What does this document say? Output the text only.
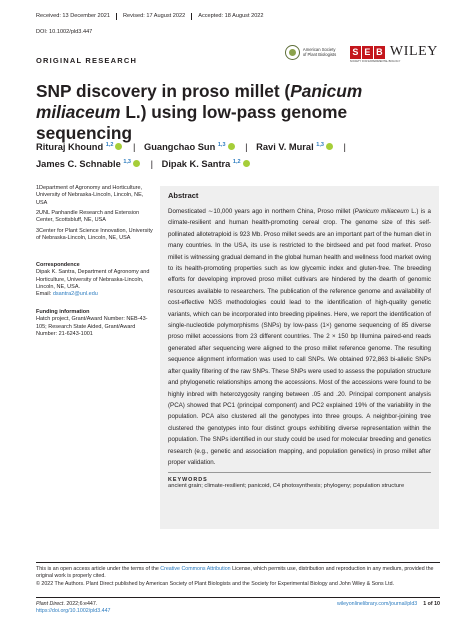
Received: 13 December 2021	Revised: 17 August 2022	Accepted: 18 August 2022
DOI: 10.1002/pld3.447
ORIGINAL RESEARCH
American Society
of Plant Biologists	S E B
SOCIETY FOR EXPERIMENTAL BIOLOGY
WILEY
SNP discovery in proso millet (Panicum miliaceum L.) using low-pass genome sequencing
Rituraj Khound $^{1,2}$ | Guangchao Sun $^{1,3}$ | Ravi V. Mural $^{1,3}$ |
James C. Schnable $^{1,3}$ | Dipak K. Santra $^{1,2}$
1Department of Agronomy and Horticulture, University of Nebraska-Lincoln, Lincoln, NE, USA
2UNL Panhandle Research and Extension Center, Scottsbluff, NE, USA
3Center for Plant Science Innovation, University of Nebraska-Lincoln, Lincoln, NE, USA
Correspondence
Dipak K. Santra, Department of Agronomy and Horticulture, University of Nebraska-Lincoln, Lincoln, NE, USA.
Email: dsantra2@unl.edu
Funding information
Hatch project, Grant/Award Number: NEB-43-105; Research State Aided, Grant/Award Number: 21-6243-1001
Abstract

Domesticated ∼10,000 years ago in northern China, Proso millet (Panicum miliaceum L.) is a climate-resilient and human health-promoting cereal crop. The genome size of this self-pollinated allotetraploid is 923 Mb. Proso millet seeds are an important part of the human diet in many countries. In the USA, its use is restricted to the birdseed and pet food market. Proso millet is witnessing gradual demand in the global human health and wellness food market owing to its health-promoting properties such as low glycemic index and gluten-free. The breeding efforts for developing improved proso millet cultivars are hindered by the dearth of genomic resources available to researchers. The publication of the reference genome and availability of cost-effective NGS methodologies could lead to the identification of high-quality genetic variants, which can be incorporated into breeding pipelines. Here, we report the identification of single-nucleotide polymorphisms (SNPs) by low-pass (1×) genome sequencing of 85 diverse proso millet accessions from 23 different countries. The 2 × 150 bp Illumina paired-end reads generated after sequencing were aligned to the proso millet reference genome. The resulting sequence alignment information was used to call SNPs. We obtained 972,863 bi-allelic SNPs after quality filtering of the raw SNPs. These SNPs were used to assess the population structure and phylogenetic relationships among the accessions. Most of the accessions were found to be highly inbred with heterozygosity ranging between .05 and .20. Principal component analysis (PCA) showed that PC1 (principal component) and PC2 explained 19% of the variability in the population. PCA also clustered all the genotypes into three groups. A neighbor-joining tree clustered the genotypes into four distinct groups exhibiting diverse representation within the population. The SNPs identified in our study could be used for molecular breeding and genetics research (e.g., genetic and association mapping, and population genetics) in proso millet after proper validation.

KEYWORDS
ancient grain; climate-resilient; panicoid, C4 photosynthesis; phylogeny; population structure
This is an open access article under the terms of the Creative Commons Attribution License, which permits use, distribution and reproduction in any medium, provided the original work is properly cited.
© 2022 The Authors. Plant Direct published by American Society of Plant Biologists and the Society for Experimental Biology and John Wiley & Sons Ltd.
Plant Direct. 2022;6:e447.
https://doi.org/10.1002/pld3.447
wileyonlinelibrary.com/journal/pld3 1 of 10
